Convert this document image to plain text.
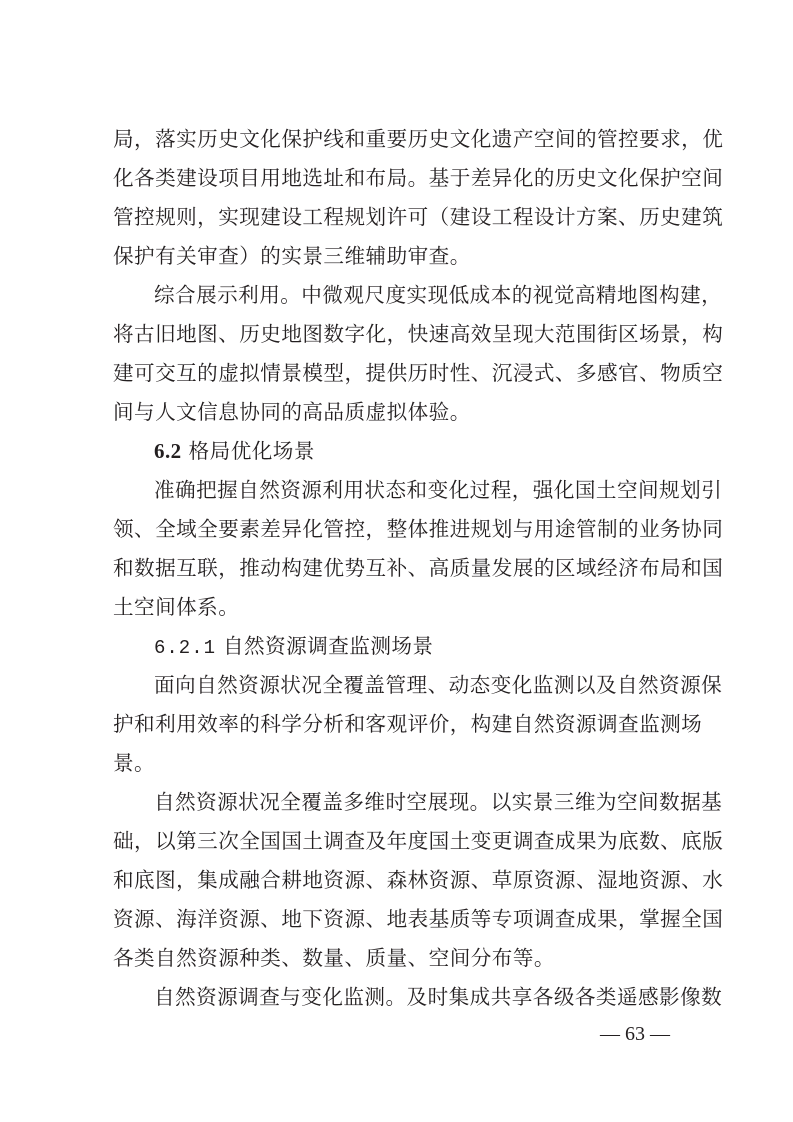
局，落实历史文化保护线和重要历史文化遗产空间的管控要求，优
化各类建设项目用地选址和布局。基于差异化的历史文化保护空间
管控规则，实现建设工程规划许可（建设工程设计方案、历史建筑
保护有关审查）的实景三维辅助审查。
综合展示利用。中微观尺度实现低成本的视觉高精地图构建，
将古旧地图、历史地图数字化，快速高效呈现大范围街区场景，构
建可交互的虚拟情景模型，提供历时性、沉浸式、多感官、物质空
间与人文信息协同的高品质虚拟体验。
6.2 格局优化场景
准确把握自然资源利用状态和变化过程，强化国土空间规划引
领、全域全要素差异化管控，整体推进规划与用途管制的业务协同
和数据互联，推动构建优势互补、高质量发展的区域经济布局和国
土空间体系。
6.2.1 自然资源调查监测场景
面向自然资源状况全覆盖管理、动态变化监测以及自然资源保
护和利用效率的科学分析和客观评价，构建自然资源调查监测场
景。
自然资源状况全覆盖多维时空展现。以实景三维为空间数据基
础，以第三次全国国土调查及年度国土变更调查成果为底数、底版
和底图，集成融合耕地资源、森林资源、草原资源、湿地资源、水
资源、海洋资源、地下资源、地表基质等专项调查成果，掌握全国
各类自然资源种类、数量、质量、空间分布等。
自然资源调查与变化监测。及时集成共享各级各类遥感影像数
— 63 —
